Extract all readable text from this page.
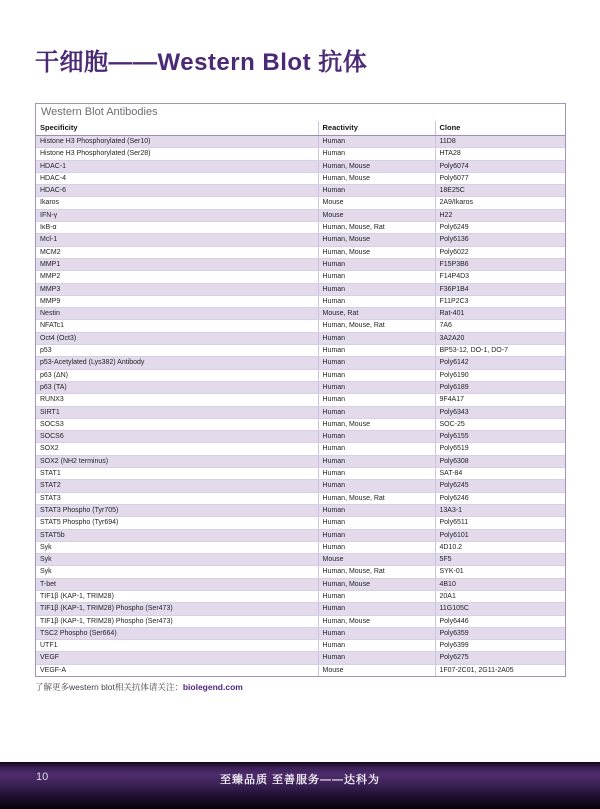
干细胞——Western Blot 抗体
Western Blot Antibodies
Specificity	Reactivity	Clone
Histone H3 Phosphorylated (Ser10)	Human	11D8
Histone H3 Phosphorylated (Ser28)	Human	HTA28
HDAC-1	Human, Mouse	Poly6074
HDAC-4	Human, Mouse	Poly6077
HDAC-6	Human	18E25C
Ikaros	Mouse	2A9/Ikaros
IFN-γ	Mouse	H22
IκB-α	Human, Mouse, Rat	Poly6249
Mcl-1	Human, Mouse	Poly6136
MCM2	Human, Mouse	Poly6022
MMP1	Human	F15P3B6
MMP2	Human	F14P4D3
MMP3	Human	F36P1B4
MMP9	Human	F11P2C3
Nestin	Mouse, Rat	Rat-401
NFATc1	Human, Mouse, Rat	7A6
Oct4 (Oct3)	Human	3A2A20
p53	Human	BP53-12, DO-1, DO-7
p53-Acetylated (Lys382) Antibody	Human	Poly6142
p63 (ΔN)	Human	Poly6190
p63 (TA)	Human	Poly6189
RUNX3	Human	9F4A17
SIRT1	Human	Poly6343
SOCS3	Human, Mouse	SOC-25
SOCS6	Human	Poly6155
SOX2	Human	Poly6519
SOX2 (NH2 terminus)	Human	Poly6308
STAT1	Human	SAT-84
STAT2	Human	Poly6245
STAT3	Human, Mouse, Rat	Poly6246
STAT3 Phospho (Tyr705)	Human	13A3-1
STAT5 Phospho (Tyr694)	Human	Poly6511
STAT5b	Human	Poly6101
Syk	Human	4D10.2
Syk	Mouse	5F5
Syk	Human, Mouse, Rat	SYK-01
T-bet	Human, Mouse	4B10
TIF1β (KAP-1, TRIM28)	Human	20A1
TIF1β (KAP-1, TRIM28) Phospho (Ser473)	Human	11G105C
TIF1β (KAP-1, TRIM28) Phospho (Ser473)	Human, Mouse	Poly6446
TSC2 Phospho (Ser664)	Human	Poly6359
UTF1	Human	Poly6399
VEGF	Human	Poly6275
VEGF-A	Mouse	1F07-2C01, 2G11-2A05

了解更多western blot相关抗体请关注：biolegend.com

10	至臻品质 至善服务——达科为
